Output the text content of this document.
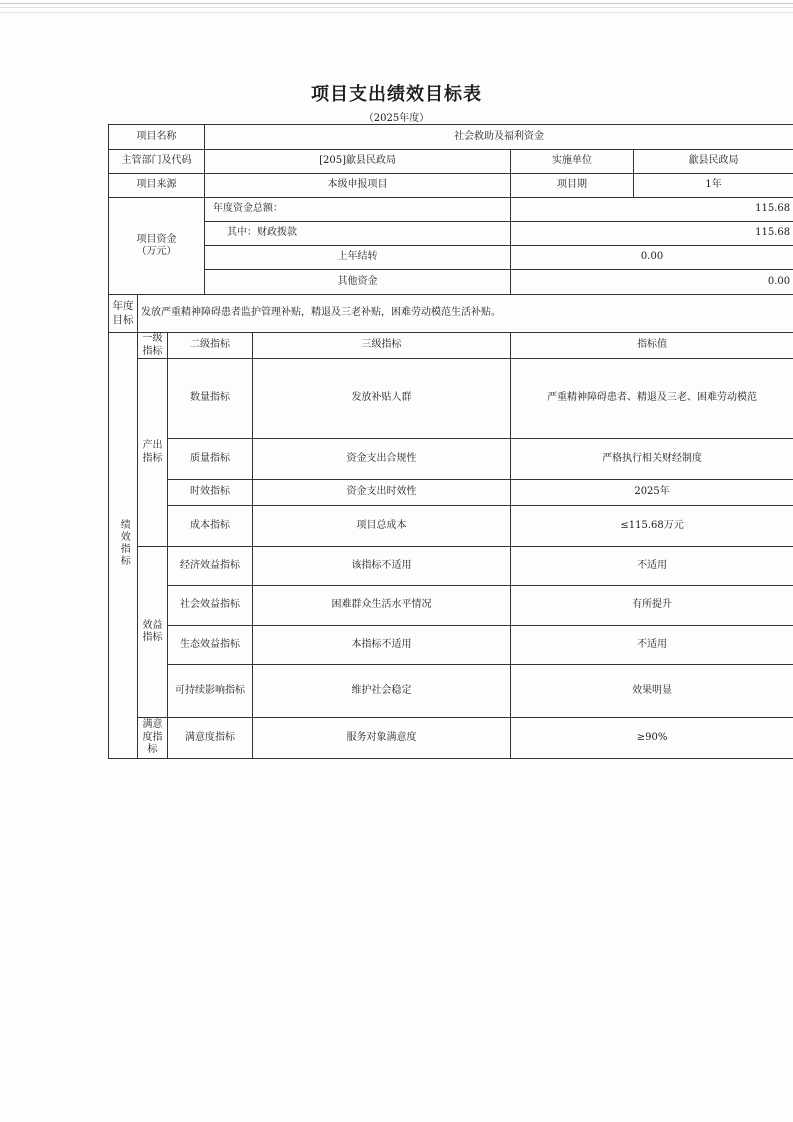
项目支出绩效目标表
（2025年度）
项目名称			社会救助及福利资金			
主管部门及代码			[205]歙县民政局		实施单位	歙县民政局
项目来源			本级申报项目		项目期	1年
项目资金
（万元）			年度资金总额：		115.68	
			其中：财政拨款		115.68	
			上年结转		0.00	
			其他资金		0.00	
年度目标	发放严重精神障碍患者监护管理补贴，精退及三老补贴，困难劳动模范生活补贴。					
绩效指标	一级指标	二级指标		三级指标	指标值	
	产出指标	数量指标		发放补贴人群	严重精神障碍患者、精退及三老、困难劳动模范	
		质量指标		资金支出合规性	严格执行相关财经制度	
		时效指标		资金支出时效性	2025年	
		成本指标		项目总成本	≤115.68万元	
	效益指标	经济效益指标		该指标不适用	不适用	
		社会效益指标		困难群众生活水平情况	有所提升	
		生态效益指标		本指标不适用	不适用	
		可持续影响指标		维护社会稳定	效果明显	
	满意度指标	满意度指标		服务对象满意度	≥90%	
